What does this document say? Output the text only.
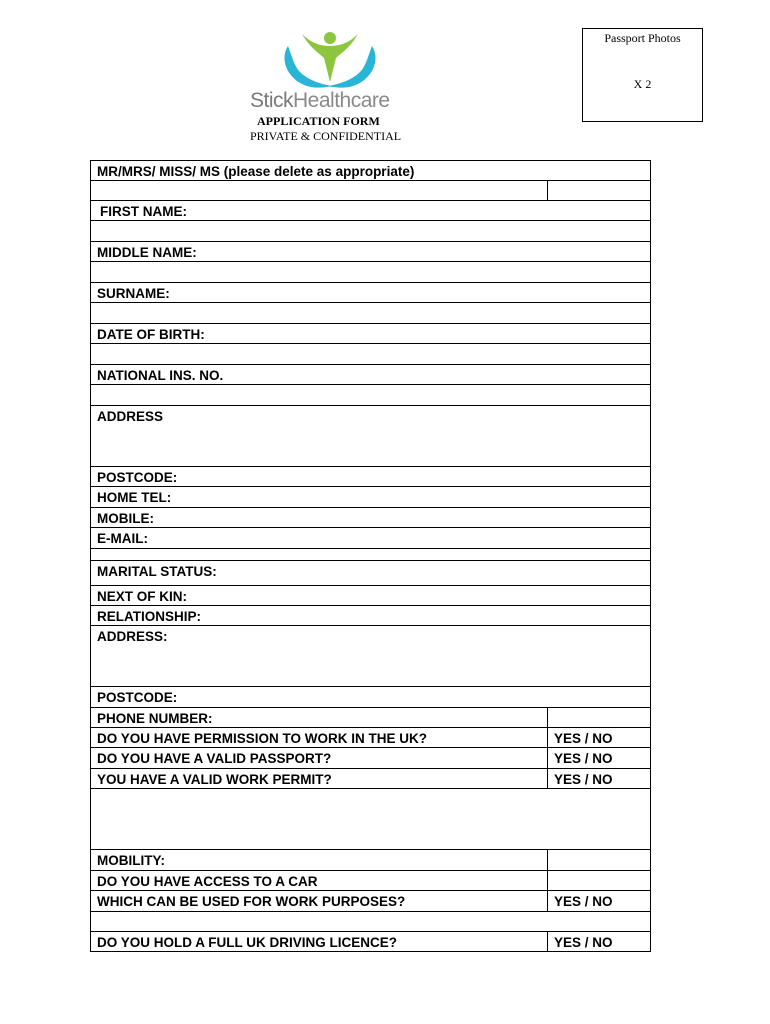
StickHealthcare
APPLICATION FORM
PRIVATE & CONFIDENTIAL
Passport Photos
X 2
MR/MRS/ MISS/ MS (please delete as appropriate)
FIRST NAME:
MIDDLE NAME:
SURNAME:
DATE OF BIRTH:
NATIONAL INS. NO.
ADDRESS
POSTCODE:
HOME TEL:
MOBILE:
E-MAIL:
MARITAL STATUS:
NEXT OF KIN:
RELATIONSHIP:
ADDRESS:
POSTCODE:
PHONE NUMBER:
DO YOU HAVE PERMISSION TO WORK IN THE UK?	YES / NO
DO YOU HAVE A VALID PASSPORT?	YES / NO
YOU HAVE A VALID WORK PERMIT?	YES / NO
MOBILITY:
DO YOU HAVE ACCESS TO A CAR
WHICH CAN BE USED FOR WORK PURPOSES?	YES / NO
DO YOU HOLD A FULL UK DRIVING LICENCE?	YES / NO
